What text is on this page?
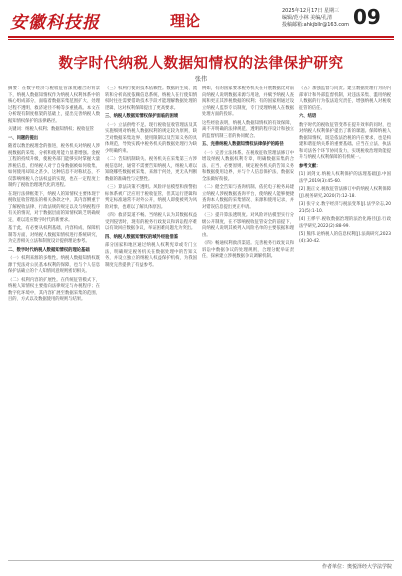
安徽科技报	理论
2025年12月17日 星期三
编辑/范小林 美编/孔清
投稿邮箱:ahkjbllr@163.com 09
数字时代纳税人数据知情权的法律保护研究
张伟

摘要：在数字经济与税收征管深度融合的背景下，纳税人数据知情权作为纳税人权利体系中的核心组成部分，面临着数据采集范围扩大、处理过程不透明、救济途径不畅等多重挑战。本文在分析现有制度框架的基础上，提出完善纳税人数据知情权保护的法律路径。

关键词：纳税人权利；数据知情权；税收征管

一、问题的提出

随着以数治税理念的推进，税务机关对纳税人涉税数据的采集、分析和使用能力显著增强。金税工程的持续升级，使税务部门能够实时掌握大量涉税信息，但纳税人对于自身数据被如何收集、如何使用却知之甚少。这种信息不对称状态，不仅影响纳税人合法权益的实现，也在一定程度上制约了税收治理现代化的进程。

在现行法律框架下，纳税人的知情权主要体现于税收征收管理法的相关条款之中，其内容侧重于了解税收法律、行政法规的规定以及与纳税程序有关的情况，对于数据层面的知情权缺乏明确规定，难以适应数字时代的新要求。

基于此，有必要从权利基础、内容构成、保障机制等方面，对纳税人数据知情权进行系统研究，为完善相关立法和制度设计提供理论参考。

二、数字时代纳税人数据知情权的理论基础

（一）权利来源的多维性。纳税人数据知情权既源于宪法对公民基本权利的保障，也与个人信息保护法确立的个人知情同意规则密切相关。

（二）权利内容的扩展性。在传统征管模式下，纳税人知情权主要指向法律规定与办税程序；在数字化环境中，其内容扩展至数据采集的范围、目的、方式以及数据使用的规则与结果。

（三）权利行使的技术依赖性。数据的生成、流转和分析高度依赖信息系统，纳税人在行使知情权时往往需要借助技术手段才能理解数据处理的逻辑，这对权利保障提出了更高要求。

三、纳税人数据知情权保护面临的困境

（一）立法供给不足。现行税收征收管理法及其实施细则对纳税人数据权利的规定较为原则，缺乏对数据采集边界、使用限制以及告知义务的具体规范，导致实践中税务机关的数据处理行为缺少明确约束。

（二）告知机制缺失。税务机关在采集第三方涉税信息时，通常不需要告知纳税人，纳税人难以知晓哪些数据被采集、来源于何处，更无从判断数据的准确性与完整性。

（三）算法决策不透明。风险评估模型和预警指标体系被广泛应用于税收征管，但其运行逻辑和判定标准通常不对外公开，纳税人即使被列为风险对象，也难以了解具体原因。

（四）救济渠道不畅。当纳税人认为其数据权益受到侵害时，现有的税务行政复议和诉讼程序难以有效回应数据争议，举证困难问题尤为突出。

四、纳税人数据知情权的域外经验借鉴

部分国家和地区通过纳税人权利宪章或专门立法，明确规定税务机关在数据处理中的告知义务，并设立独立的纳税人权益保护机构，为我国制度完善提供了有益参考。

例如，有的国家要求税务机关在开展数据比对前向纳税人说明数据来源与用途，并赋予纳税人查阅和更正其涉税数据的权利；有的国家则通过设立纳税人监察专员制度，专门受理纳税人在数据处理方面的投诉。

这些经验表明，纳税人数据知情权的有效保障，离不开明确的法律规范、透明的程序设计和独立的监督机制三者的协同配合。

五、完善纳税人数据知情权法律保护的路径

（一）完善立法体系。在税收征收管理法修订中增设纳税人数据权利专章，明确数据采集的合法、正当、必要原则，规定税务机关的告知义务和数据使用边界，并与个人信息保护法、数据安全法做好衔接。

（二）健全告知与查询机制。依托电子税务局建立纳税人涉税数据查询平台，使纳税人能够便捷查询本人数据的采集情况、来源和使用记录，并对错误信息提出更正申请。

（三）提升算法透明度。对风险评估模型实行分级公开制度，在不影响税收征管安全的前提下，向纳税人说明其被列入风险名单的主要依据和理由。

（四）畅通权利救济渠道。完善税务行政复议和诉讼中数据争议的处理规则，合理分配举证责任，探索建立涉税数据争议调解机制。

（五）加强监督与问责。建立数据处理行为的内部审计和外部监督机制，对违法采集、滥用纳税人数据的行为依法追究责任，增强纳税人对税收征管的信任。

六、结语

数字时代的税收征管变革在提升效率的同时，也对纳税人权利保护提出了新的课题。保障纳税人数据知情权，既是依法治税的内在要求，也是构建和谐征纳关系的重要基础。应当在立法、执法和司法各个环节协同发力，实现税收治理效能提升与纳税人权利保障的有机统一。

参考文献：

[1] 刘剑文.纳税人权利保护的法理基础[J].中国法学,2019(3):45-60.

[2] 施正文.税收征管法修订中的纳税人权利保障[J].税务研究,2020(7):12-18.

[3] 张守文.数字经济与税法变革[J].法学杂志,2021(5):1-10.

[4] 王桦宇.税收数据治理的法治化路径[J].行政法学研究,2022(2):88-99.

[5] 熊伟.论纳税人的信息权利[J].法商研究,2023(4):30-42.

作者单位：奥悦泽经大学法学院
